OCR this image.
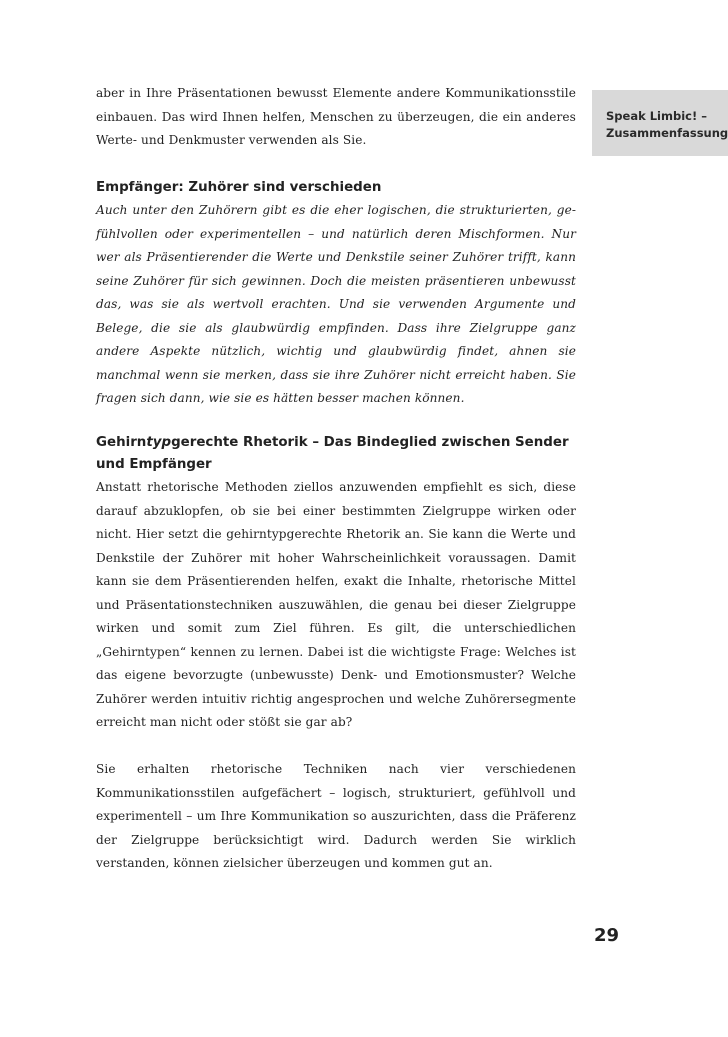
Speak Limbic! –
Zusammenfassung

aber in Ihre Präsentationen bewusst Elemente andere Kommunikationsstile einbauen. Das wird Ihnen helfen, Menschen zu überzeugen, die ein anderes Werte- und Denkmuster verwenden als Sie.

Empfänger: Zuhörer sind verschieden

Auch unter den Zuhörern gibt es die eher logischen, die strukturierten, gefühlvollen oder experimentellen – und natürlich deren Mischformen. Nur wer als Präsentierender die Werte und Denkstile seiner Zuhörer trifft, kann seine Zuhörer für sich gewinnen. Doch die meisten präsentieren unbewusst das, was sie als wertvoll erachten. Und sie verwenden Argumente und Belege, die sie als glaubwürdig empfinden. Dass ihre Zielgruppe ganz andere Aspekte nützlich, wichtig und glaubwürdig findet, ahnen sie manchmal wenn sie merken, dass sie ihre Zuhörer nicht erreicht haben. Sie fragen sich dann, wie sie es hätten besser machen können.

Gehirntypgerechte Rhetorik – Das Bindeglied zwischen Sender und Empfänger

Anstatt rhetorische Methoden ziellos anzuwenden empfiehlt es sich, diese darauf abzuklopfen, ob sie bei einer bestimmten Zielgruppe wirken oder nicht. Hier setzt die gehirntypgerechte Rhetorik an. Sie kann die Werte und Denkstile der Zuhörer mit hoher Wahrscheinlichkeit voraussagen. Damit kann sie dem Präsentierenden helfen, exakt die Inhalte, rhetorische Mittel und Präsentationstechniken auszuwählen, die genau bei dieser Zielgruppe wirken und somit zum Ziel führen. Es gilt, die unterschiedlichen „Gehirntypen“ kennen zu lernen. Dabei ist die wichtigste Frage: Welches ist das eigene bevorzugte (unbewusste) Denk- und Emotionsmuster? Welche Zuhörer werden intuitiv richtig angesprochen und welche Zuhörersegmente erreicht man nicht oder stößt sie gar ab?

Sie erhalten rhetorische Techniken nach vier verschiedenen Kommunikationsstilen aufgefächert – logisch, strukturiert, gefühlvoll und experimentell – um Ihre Kommunikation so auszurichten, dass die Präferenz der Zielgruppe berücksichtigt wird. Dadurch werden Sie wirklich verstanden, können zielsicher überzeugen und kommen gut an.

29
